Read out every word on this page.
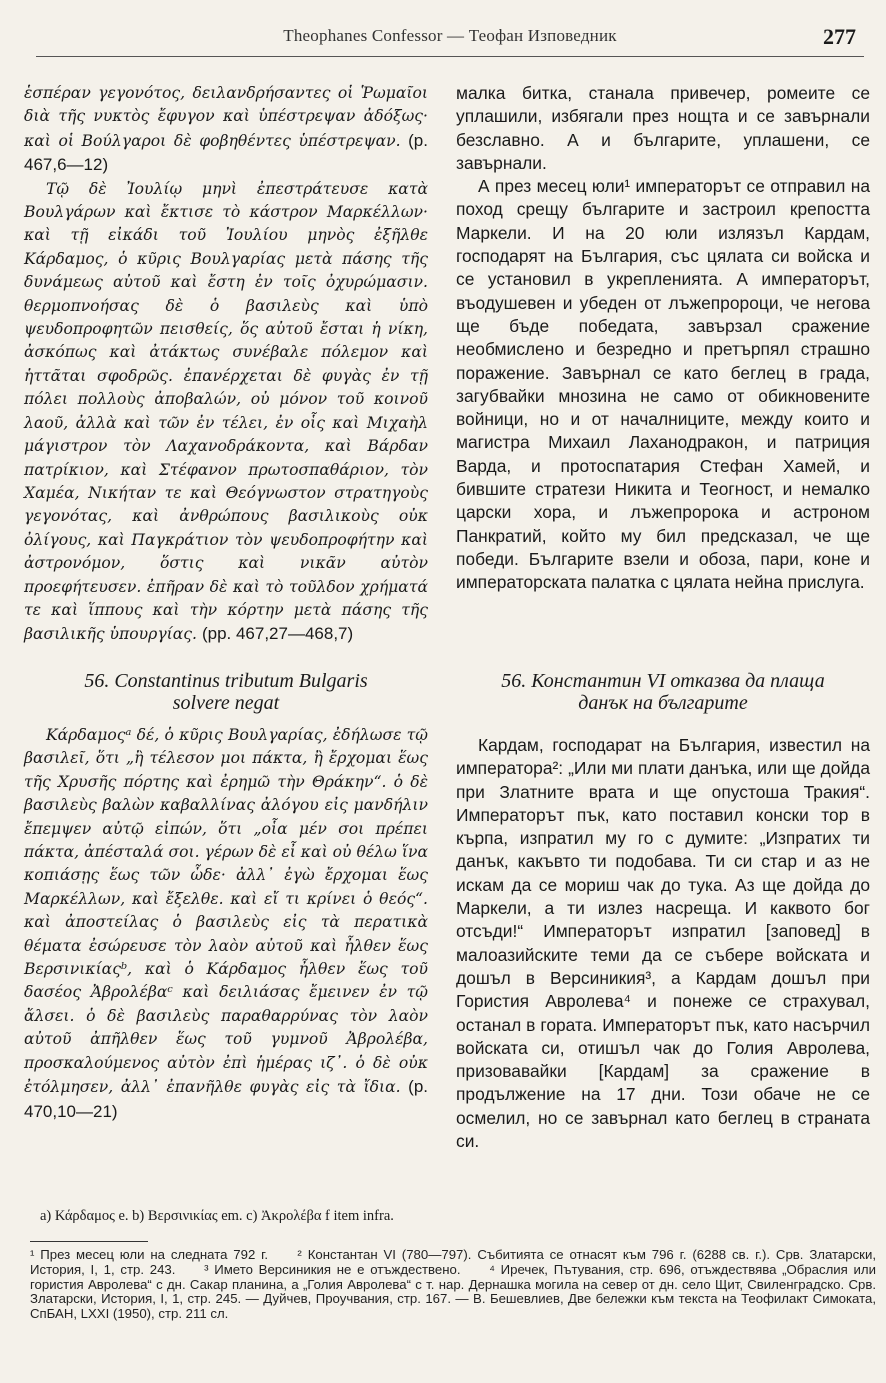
Theophanes Confessor — Теофан Изповедник	277

ἑσπέραν γεγονότος, δειλανδρήσαντες οἱ Ῥωμαῖοι διὰ τῆς νυκτὸς ἔφυγον καὶ ὑπέστρεψαν ἀδόξως· καὶ οἱ Βούλγαροι δὲ φοβηθέντες ὑπέστρεψαν. (p. 467,6—12)

Τῷ δὲ Ἰουλίῳ μηνὶ ἐπεστράτευσε κατὰ Βουλγάρων καὶ ἔκτισε τὸ κάστρον Μαρκέλλων· καὶ τῇ εἰκάδι τοῦ Ἰουλίου μηνὸς ἐξῆλθε Κάρδαμος, ὁ κῦρις Βουλγαρίας μετὰ πάσης τῆς δυνάμεως αὐτοῦ καὶ ἔστη ἐν τοῖς ὀχυρώμασιν. θερμοπνοήσας δὲ ὁ βασιλεὺς καὶ ὑπὸ ψευδοπροφητῶν πεισθείς, ὅς αὐτοῦ ἔσται ἡ νίκη, ἀσκόπως καὶ ἀτάκτως συνέβαλε πόλεμον καὶ ἡττᾶται σφοδρῶς. ἐπανέρχεται δὲ φυγὰς ἐν τῇ πόλει πολλοὺς ἀποβαλών, οὐ μόνον τοῦ κοινοῦ λαοῦ, ἀλλὰ καὶ τῶν ἐν τέλει, ἐν οἷς καὶ Μιχαὴλ μάγιστρον τὸν Λαχανοδράκοντα, καὶ Βάρδαν πατρίκιον, καὶ Στέφανον πρωτοσπαθάριον, τὸν Χαμέα, Νικήταν τε καὶ Θεόγνωστον στρατηγοὺς γεγονότας, καὶ ἀνθρώπους βασιλικοὺς οὐκ ὀλίγους, καὶ Παγκράτιον τὸν ψευδοπροφήτην καὶ ἀστρονόμον, ὅστις καὶ νικᾶν αὐτὸν προεφήτευσεν. ἐπῆραν δὲ καὶ τὸ τοῦλδον χρήματά τε καὶ ἵππους καὶ τὴν κόρτην μετὰ πάσης τῆς βασιλικῆς ὑπουργίας. (pp. 467,27—468,7)

малка битка, станала привечер, ромеите се уплашили, избягали през нощта и се завърнали безславно. А и българите, уплашени, се завърнали.

А през месец юли¹ императорът се отправил на поход срещу българите и застроил крепостта Маркели. И на 20 юли излязъл Кардам, господарят на България, със цялата си войска и се установил в укрепленията. А императорът, въодушевен и убеден от лъжепророци, че негова ще бъде победата, завързал сражение необмислено и безредно и претърпял страшно поражение. Завърнал се като беглец в града, загубвайки мнозина не само от обикновените войници, но и от началниците, между които и магистра Михаил Лаханодракон, и патриция Варда, и протоспатария Стефан Хамей, и бившите стратези Никита и Теогност, и немалко царски хора, и лъжепророка и астроном Панкратий, който му бил предсказал, че ще победи. Българите взели и обоза, пари, коне и императорската палатка с цялата нейна прислуга.

56. Constantinus tributum Bulgaris

solvere negat

56. Константин VI отказва да плаща

данък на българите

Κάρδαμοςᵃ δέ, ὁ κῦρις Βουλγαρίας, ἐδήλωσε τῷ βασιλεῖ, ὅτι „ἢ τέλεσον μοι πάκτα, ἢ ἔρχομαι ἕως τῆς Χρυσῆς πόρτης καὶ ἐρημῶ τὴν Θράκην“. ὁ δὲ βασιλεὺς βαλὼν καβαλλίνας ἀλόγου εἰς μανδήλιν ἔπεμψεν αὐτῷ εἰπών, ὅτι „οἷα μέν σοι πρέπει πάκτα, ἀπέσταλά σοι. γέρων δὲ εἶ καὶ οὐ θέλω ἵνα κοπιάσῃς ἕως τῶν ὧδε· ἀλλ᾽ ἐγὼ ἔρχομαι ἕως Μαρκέλλων, καὶ ἔξελθε. καὶ εἴ τι κρίνει ὁ θεός“. καὶ ἀποστείλας ὁ βασιλεὺς εἰς τὰ περατικὰ θέματα ἐσώρευσε τὸν λαὸν αὐτοῦ καὶ ἦλθεν ἕως Βερσινικίαςᵇ, καὶ ὁ Κάρδαμος ἦλθεν ἕως τοῦ δασέος Ἀβρολέβαᶜ καὶ δειλιάσας ἔμεινεν ἐν τῷ ἄλσει. ὁ δὲ βασιλεὺς παραθαρρύνας τὸν λαὸν αὐτοῦ ἀπῆλθεν ἕως τοῦ γυμνοῦ Ἀβρολέβα, προσκαλούμενος αὐτὸν ἐπὶ ἡμέρας ιζ᾽. ὁ δὲ οὐκ ἐτόλμησεν, ἀλλ᾽ ἐπανῆλθε φυγὰς εἰς τὰ ἴδια. (p. 470,10—21)

Кардам, господарат на България, известил на императора²: „Или ми плати данъка, или ще дойда при Златните врата и ще опустоша Тракия“. Императорът пък, като поставил конски тор в кърпа, изпратил му го с думите: „Изпратих ти данък, какъвто ти подобава. Ти си стар и аз не искам да се мориш чак до тука. Аз ще дойда до Маркели, а ти излез насреща. И каквото бог отсъди!“ Императорът изпратил [заповед] в малоазийските теми да се събере войската и дошъл в Версиникия³, а Кардам дошъл при Гористия Авролева⁴ и понеже се страхувал, останал в гората. Императорът пък, като насърчил войската си, отишъл чак до Голия Авролева, призовавайки [Кардам] за сражение в продължение на 17 дни. Този обаче не се осмелил, но се завърнал като беглец в страната си.

a) Κάρδαμος e. b) Βερσινικίας em. c) Ἀκρολέβα f item infra.
¹ През месец юли на следната 792 г. ² Константан VI (780—797). Събитията се отнасят към 796 г. (6288 св. г.). Срв. Златарски, История, I, 1, стр. 243. ³ Името Версиникия не е отъждествено. ⁴ Иречек, Пътувания, стр. 696, отъждествява „Обраслия или гористия Авролева“ с дн. Сакар планина, а „Голия Авролева“ с т. нар. Дернашка могила на север от дн. село Щит, Свиленградско. Срв. Златарски, История, I, 1, стр. 245. — Дуйчев, Проучвания, стр. 167. — В. Бешевлиев, Две бележки към текста на Теофилакт Симоката, СпБАН, LXXI (1950), стр. 211 сл.
